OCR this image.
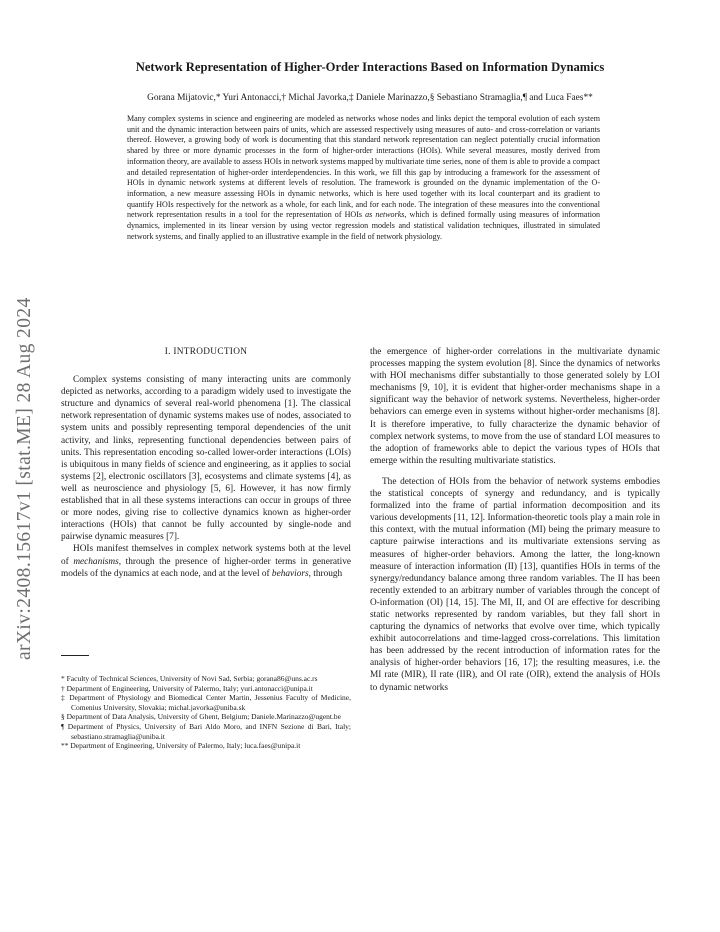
arXiv:2408.15617v1 [stat.ME] 28 Aug 2024
Network Representation of Higher-Order Interactions Based on Information Dynamics
Gorana Mijatovic,* Yuri Antonacci,† Michal Javorka,‡ Daniele Marinazzo,§ Sebastiano Stramaglia,¶ and Luca Faes**
Many complex systems in science and engineering are modeled as networks whose nodes and links depict the temporal evolution of each system unit and the dynamic interaction between pairs of units, which are assessed respectively using measures of auto- and cross-correlation or variants thereof. However, a growing body of work is documenting that this standard network representation can neglect potentially crucial information shared by three or more dynamic processes in the form of higher-order interactions (HOIs). While several measures, mostly derived from information theory, are available to assess HOIs in network systems mapped by multivariate time series, none of them is able to provide a compact and detailed representation of higher-order interdependencies. In this work, we fill this gap by introducing a framework for the assessment of HOIs in dynamic network systems at different levels of resolution. The framework is grounded on the dynamic implementation of the O-information, a new measure assessing HOIs in dynamic networks, which is here used together with its local counterpart and its gradient to quantify HOIs respectively for the network as a whole, for each link, and for each node. The integration of these measures into the conventional network representation results in a tool for the representation of HOIs as networks, which is defined formally using measures of information dynamics, implemented in its linear version by using vector regression models and statistical validation techniques, illustrated in simulated network systems, and finally applied to an illustrative example in the field of network physiology.
I. INTRODUCTION

Complex systems consisting of many interacting units are commonly depicted as networks, according to a paradigm widely used to investigate the structure and dynamics of several real-world phenomena [1]. The classical network representation of dynamic systems makes use of nodes, associated to system units and possibly representing temporal dependencies of the unit activity, and links, representing functional dependencies between pairs of units. This representation encoding so-called lower-order interactions (LOIs) is ubiquitous in many fields of science and engineering, as it applies to social systems [2], electronic oscillators [3], ecosystems and climate systems [4], as well as neuroscience and physiology [5, 6]. However, it has now firmly established that in all these systems interactions can occur in groups of three or more nodes, giving rise to collective dynamics known as higher-order interactions (HOIs) that cannot be fully accounted by single-node and pairwise dynamic measures [7].

HOIs manifest themselves in complex network systems both at the level of mechanisms, through the presence of higher-order terms in generative models of the dynamics at each node, and at the level of behaviors, through

the emergence of higher-order correlations in the multivariate dynamic processes mapping the system evolution [8]. Since the dynamics of networks with HOI mechanisms differ substantially to those generated solely by LOI mechanisms [9, 10], it is evident that higher-order mechanisms shape in a significant way the behavior of network systems. Nevertheless, higher-order behaviors can emerge even in systems without higher-order mechanisms [8]. It is therefore imperative, to fully characterize the dynamic behavior of complex network systems, to move from the use of standard LOI measures to the adoption of frameworks able to depict the various types of HOIs that emerge within the resulting multivariate statistics.

The detection of HOIs from the behavior of network systems embodies the statistical concepts of synergy and redundancy, and is typically formalized into the frame of partial information decomposition and its various developments [11, 12]. Information-theoretic tools play a main role in this context, with the mutual information (MI) being the primary measure to capture pairwise interactions and its multivariate extensions serving as measures of higher-order behaviors. Among the latter, the long-known measure of interaction information (II) [13], quantifies HOIs in terms of the synergy/redundancy balance among three random variables. The II has been recently extended to an arbitrary number of variables through the concept of O-information (OI) [14, 15]. The MI, II, and OI are effective for describing static networks represented by random variables, but they fall short in capturing the dynamics of networks that evolve over time, which typically exhibit autocorrelations and time-lagged cross-correlations. This limitation has been addressed by the recent introduction of information rates for the analysis of higher-order behaviors [16, 17]; the resulting measures, i.e. the MI rate (MIR), II rate (IIR), and OI rate (OIR), extend the analysis of HOIs to dynamic networks

* Faculty of Technical Sciences, University of Novi Sad, Serbia; gorana86@uns.ac.rs

† Department of Engineering, University of Palermo, Italy; yuri.antonacci@unipa.it

‡ Department of Physiology and Biomedical Center Martin, Jessenius Faculty of Medicine, Comenius University, Slovakia; michal.javorka@uniba.sk

§ Department of Data Analysis, University of Ghent, Belgium; Daniele.Marinazzo@ugent.be

¶ Department of Physics, University of Bari Aldo Moro, and INFN Sezione di Bari, Italy; sebastiano.stramaglia@uniba.it

** Department of Engineering, University of Palermo, Italy; luca.faes@unipa.it
